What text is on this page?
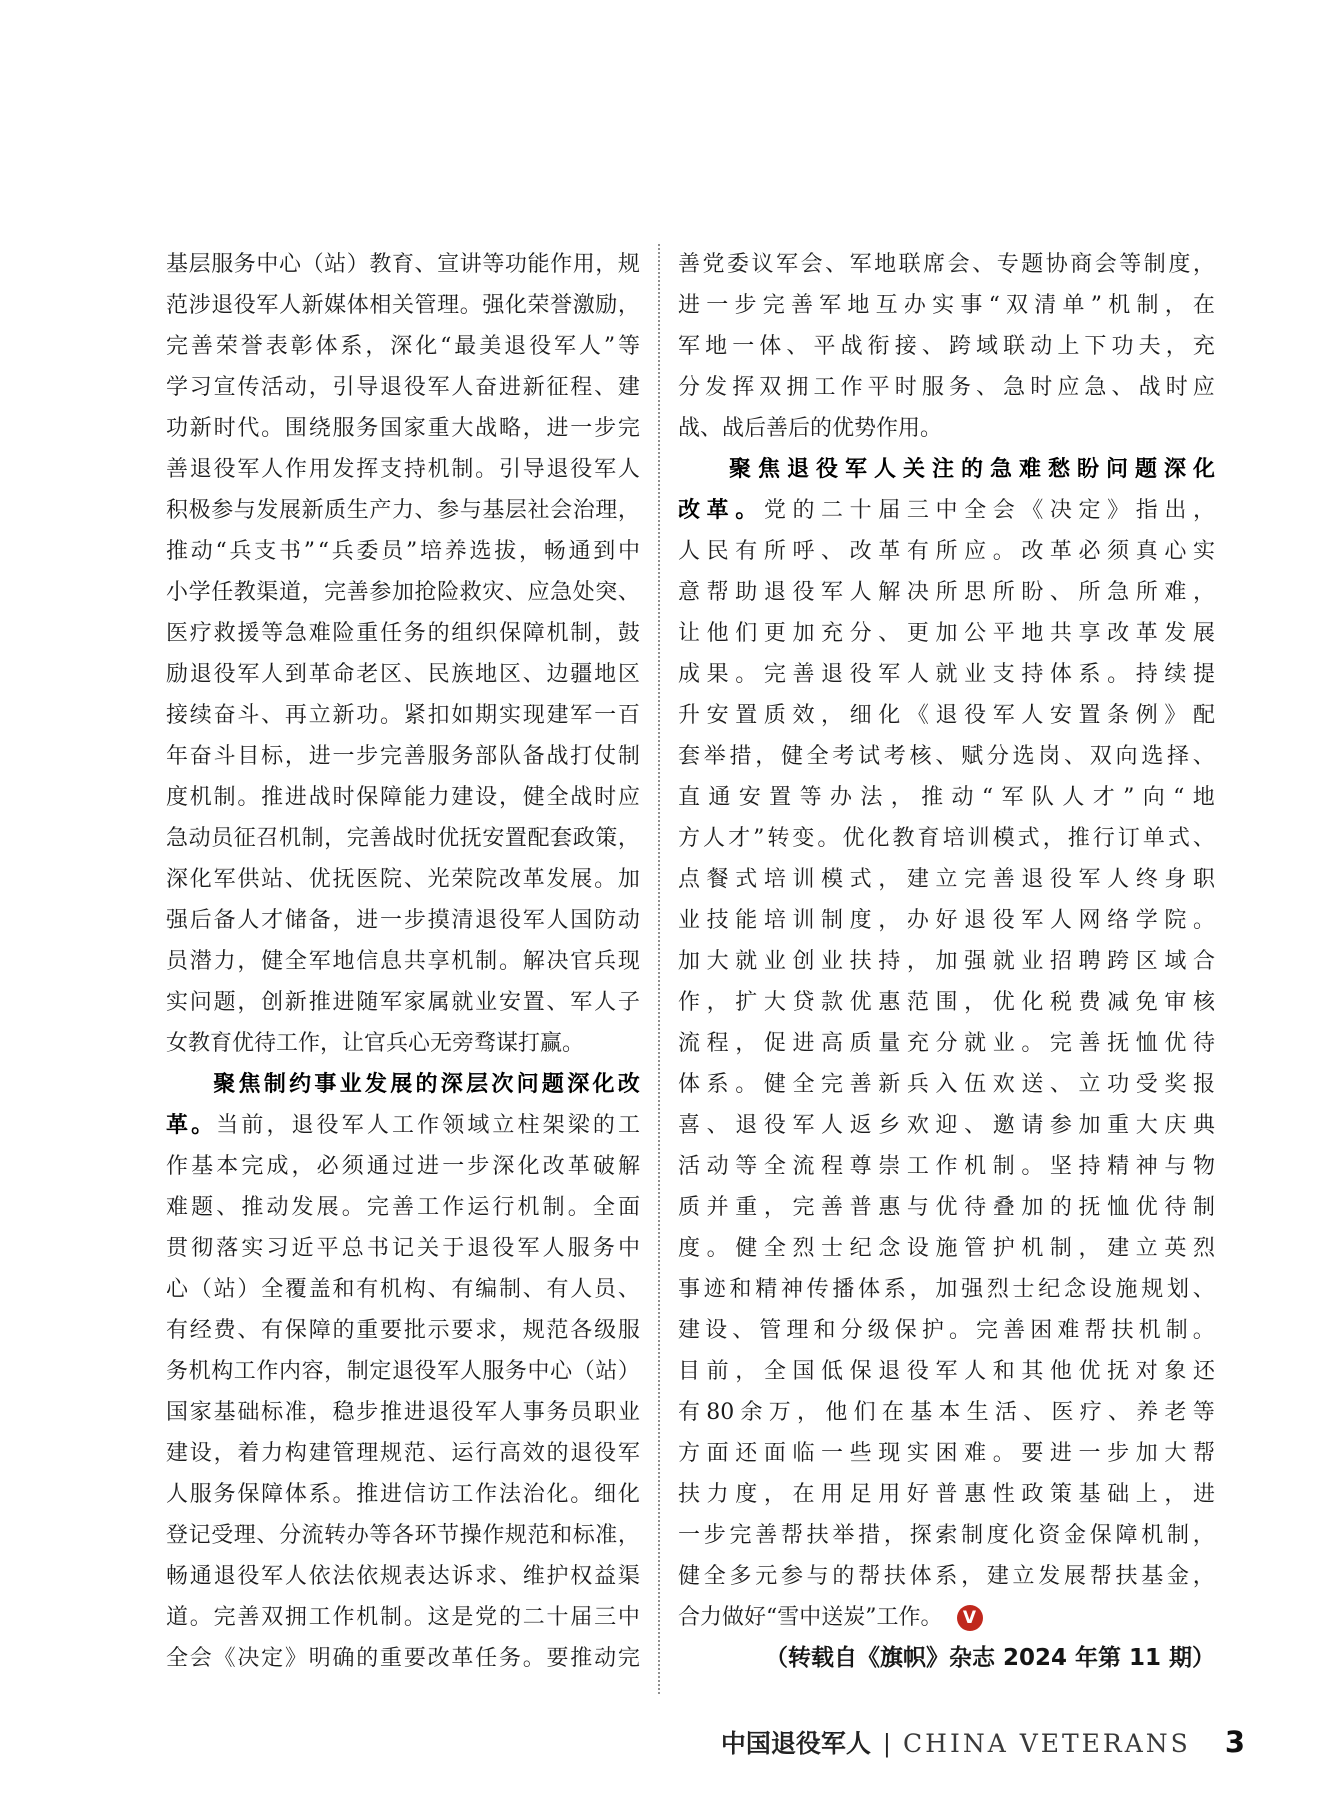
基 层 服 务 中 心 （ 站 ） 教 育 、 宣 讲 等 功 能 作 用 ， 规
范 涉 退 役 军 人 新 媒 体 相 关 管 理 。 强 化 荣 誉 激 励 ，
完 善 荣 誉 表 彰 体 系 ， 深 化 “ 最 美 退 役 军 人 ” 等
学 习 宣 传 活 动 ， 引 导 退 役 军 人 奋 进 新 征 程 、 建
功 新 时 代 。 围 绕 服 务 国 家 重 大 战 略 ， 进 一 步 完
善 退 役 军 人 作 用 发 挥 支 持 机 制 。 引 导 退 役 军 人
积 极 参 与 发 展 新 质 生 产 力 、 参 与 基 层 社 会 治 理 ，
推 动 “ 兵 支 书 ” “ 兵 委 员 ” 培 养 选 拔 ， 畅 通 到 中
小 学 任 教 渠 道 ， 完 善 参 加 抢 险 救 灾 、 应 急 处 突 、
医 疗 救 援 等 急 难 险 重 任 务 的 组 织 保 障 机 制 ， 鼓
励 退 役 军 人 到 革 命 老 区 、 民 族 地 区 、 边 疆 地 区
接 续 奋 斗 、 再 立 新 功 。 紧 扣 如 期 实 现 建 军 一 百
年 奋 斗 目 标 ， 进 一 步 完 善 服 务 部 队 备 战 打 仗 制
度 机 制 。 推 进 战 时 保 障 能 力 建 设 ， 健 全 战 时 应
急 动 员 征 召 机 制 ， 完 善 战 时 优 抚 安 置 配 套 政 策 ，
深 化 军 供 站 、 优 抚 医 院 、 光 荣 院 改 革 发 展 。 加
强 后 备 人 才 储 备 ， 进 一 步 摸 清 退 役 军 人 国 防 动
员 潜 力 ， 健 全 军 地 信 息 共 享 机 制 。 解 决 官 兵 现
实 问 题 ， 创 新 推 进 随 军 家 属 就 业 安 置 、 军 人 子
女教育优待工作，让官兵心无旁骛谋打赢。
聚 焦 制 约 事 业 发 展 的 深 层 次 问 题 深 化 改
革 。 当 前 ， 退 役 军 人 工 作 领 域 立 柱 架 梁 的 工
作 基 本 完 成 ， 必 须 通 过 进 一 步 深 化 改 革 破 解
难 题 、 推 动 发 展 。 完 善 工 作 运 行 机 制 。 全 面
贯 彻 落 实 习 近 平 总 书 记 关 于 退 役 军 人 服 务 中
心 （ 站 ） 全 覆 盖 和 有 机 构 、 有 编 制 、 有 人 员 、
有 经 费 、 有 保 障 的 重 要 批 示 要 求 ， 规 范 各 级 服
务 机 构 工 作 内 容 ， 制 定 退 役 军 人 服 务 中 心 （ 站 ）
国 家 基 础 标 准 ， 稳 步 推 进 退 役 军 人 事 务 员 职 业
建 设 ， 着 力 构 建 管 理 规 范 、 运 行 高 效 的 退 役 军
人 服 务 保 障 体 系 。 推 进 信 访 工 作 法 治 化 。 细 化
登 记 受 理 、 分 流 转 办 等 各 环 节 操 作 规 范 和 标 准 ，
畅 通 退 役 军 人 依 法 依 规 表 达 诉 求 、 维 护 权 益 渠
道 。 完 善 双 拥 工 作 机 制 。 这 是 党 的 二 十 届 三 中
全 会 《 决 定 》 明 确 的 重 要 改 革 任 务 。 要 推 动 完
善 党 委 议 军 会 、 军 地 联 席 会 、 专 题 协 商 会 等 制 度 ，
进 一 步 完 善 军 地 互 办 实 事 “ 双 清 单 ” 机 制 ， 在
军 地 一 体 、 平 战 衔 接 、 跨 域 联 动 上 下 功 夫 ， 充
分 发 挥 双 拥 工 作 平 时 服 务 、 急 时 应 急 、 战 时 应
战、战后善后的优势作用。
聚 焦 退 役 军 人 关 注 的 急 难 愁 盼 问 题 深 化
改 革 。 党 的 二 十 届 三 中 全 会 《 决 定 》 指 出 ，
人 民 有 所 呼 、 改 革 有 所 应 。 改 革 必 须 真 心 实
意 帮 助 退 役 军 人 解 决 所 思 所 盼 、 所 急 所 难 ，
让 他 们 更 加 充 分 、 更 加 公 平 地 共 享 改 革 发 展
成 果 。 完 善 退 役 军 人 就 业 支 持 体 系 。 持 续 提
升 安 置 质 效 ， 细 化 《 退 役 军 人 安 置 条 例 》 配
套 举 措 ， 健 全 考 试 考 核 、 赋 分 选 岗 、 双 向 选 择 、
直 通 安 置 等 办 法 ， 推 动 “ 军 队 人 才 ” 向 “ 地
方 人 才 ” 转 变 。 优 化 教 育 培 训 模 式 ， 推 行 订 单 式 、
点 餐 式 培 训 模 式 ， 建 立 完 善 退 役 军 人 终 身 职
业 技 能 培 训 制 度 ， 办 好 退 役 军 人 网 络 学 院 。
加 大 就 业 创 业 扶 持 ， 加 强 就 业 招 聘 跨 区 域 合
作 ， 扩 大 贷 款 优 惠 范 围 ， 优 化 税 费 减 免 审 核
流 程 ， 促 进 高 质 量 充 分 就 业 。 完 善 抚 恤 优 待
体 系 。 健 全 完 善 新 兵 入 伍 欢 送 、 立 功 受 奖 报
喜 、 退 役 军 人 返 乡 欢 迎 、 邀 请 参 加 重 大 庆 典
活 动 等 全 流 程 尊 崇 工 作 机 制 。 坚 持 精 神 与 物
质 并 重 ， 完 善 普 惠 与 优 待 叠 加 的 抚 恤 优 待 制
度 。 健 全 烈 士 纪 念 设 施 管 护 机 制 ， 建 立 英 烈
事 迹 和 精 神 传 播 体 系 ， 加 强 烈 士 纪 念 设 施 规 划 、
建 设 、 管 理 和 分 级 保 护 。 完 善 困 难 帮 扶 机 制 。
目 前 ， 全 国 低 保 退 役 军 人 和 其 他 优 抚 对 象 还
有 80 余 万 ， 他 们 在 基 本 生 活 、 医 疗 、 养 老 等
方 面 还 面 临 一 些 现 实 困 难 。 要 进 一 步 加 大 帮
扶 力 度 ， 在 用 足 用 好 普 惠 性 政 策 基 础 上 ， 进
一 步 完 善 帮 扶 举 措 ， 探 索 制 度 化 资 金 保 障 机 制 ，
健 全 多 元 参 与 的 帮 扶 体 系 ， 建 立 发 展 帮 扶 基 金 ，
合力做好“雪中送炭”工作。 V
（转载自《旗帜》杂志 2024 年第 11 期）
中国退役军人 | CHINA VETERANS 3
